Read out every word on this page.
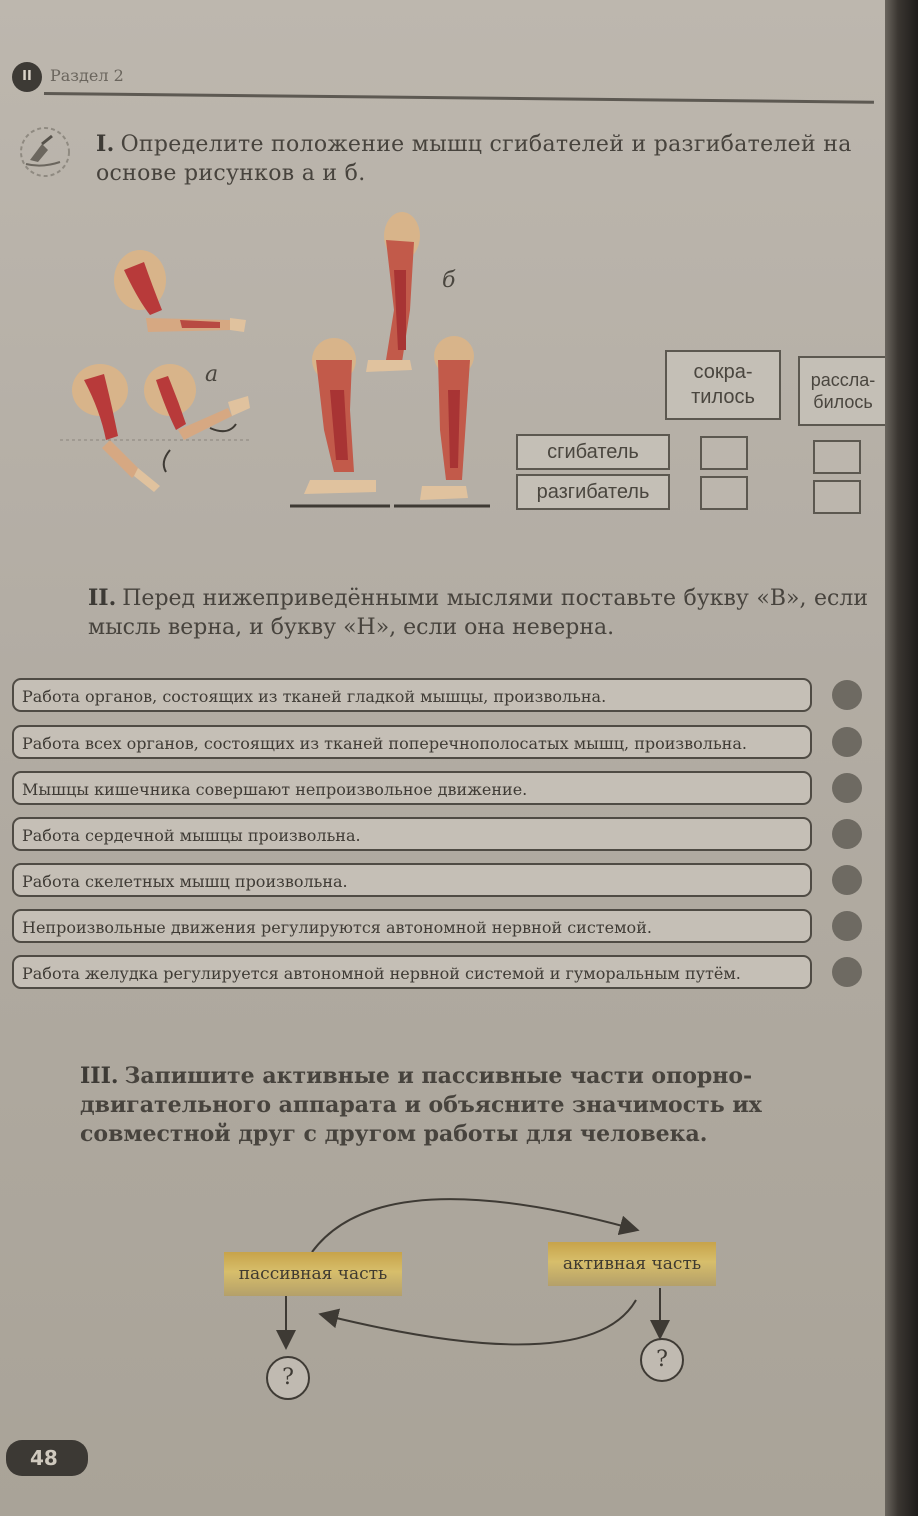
II	Раздел 2
I. Определите положение мышц сгибателей и разгибателей на основе рисунков а и б.
а
б
сокра-тилось
рассла-билось
сгибатель
разгибатель
II. Перед нижеприведёнными мыслями поставьте букву «В», если мысль верна, и букву «Н», если она неверна.
Работа органов, состоящих из тканей гладкой мышцы, произвольна.
Работа всех органов, состоящих из тканей поперечнополосатых мышц, произвольна.
Мышцы кишечника совершают непроизвольное движение.
Работа сердечной мышцы произвольна.
Работа скелетных мышц произвольна.
Непроизвольные движения регулируются автономной нервной системой.
Работа желудка регулируется автономной нервной системой и гуморальным путём.
III. Запишите активные и пассивные части опорно-двигательного аппарата и объясните значимость их совместной друг с другом работы для человека.
пассивная часть	активная часть
?
?
48
